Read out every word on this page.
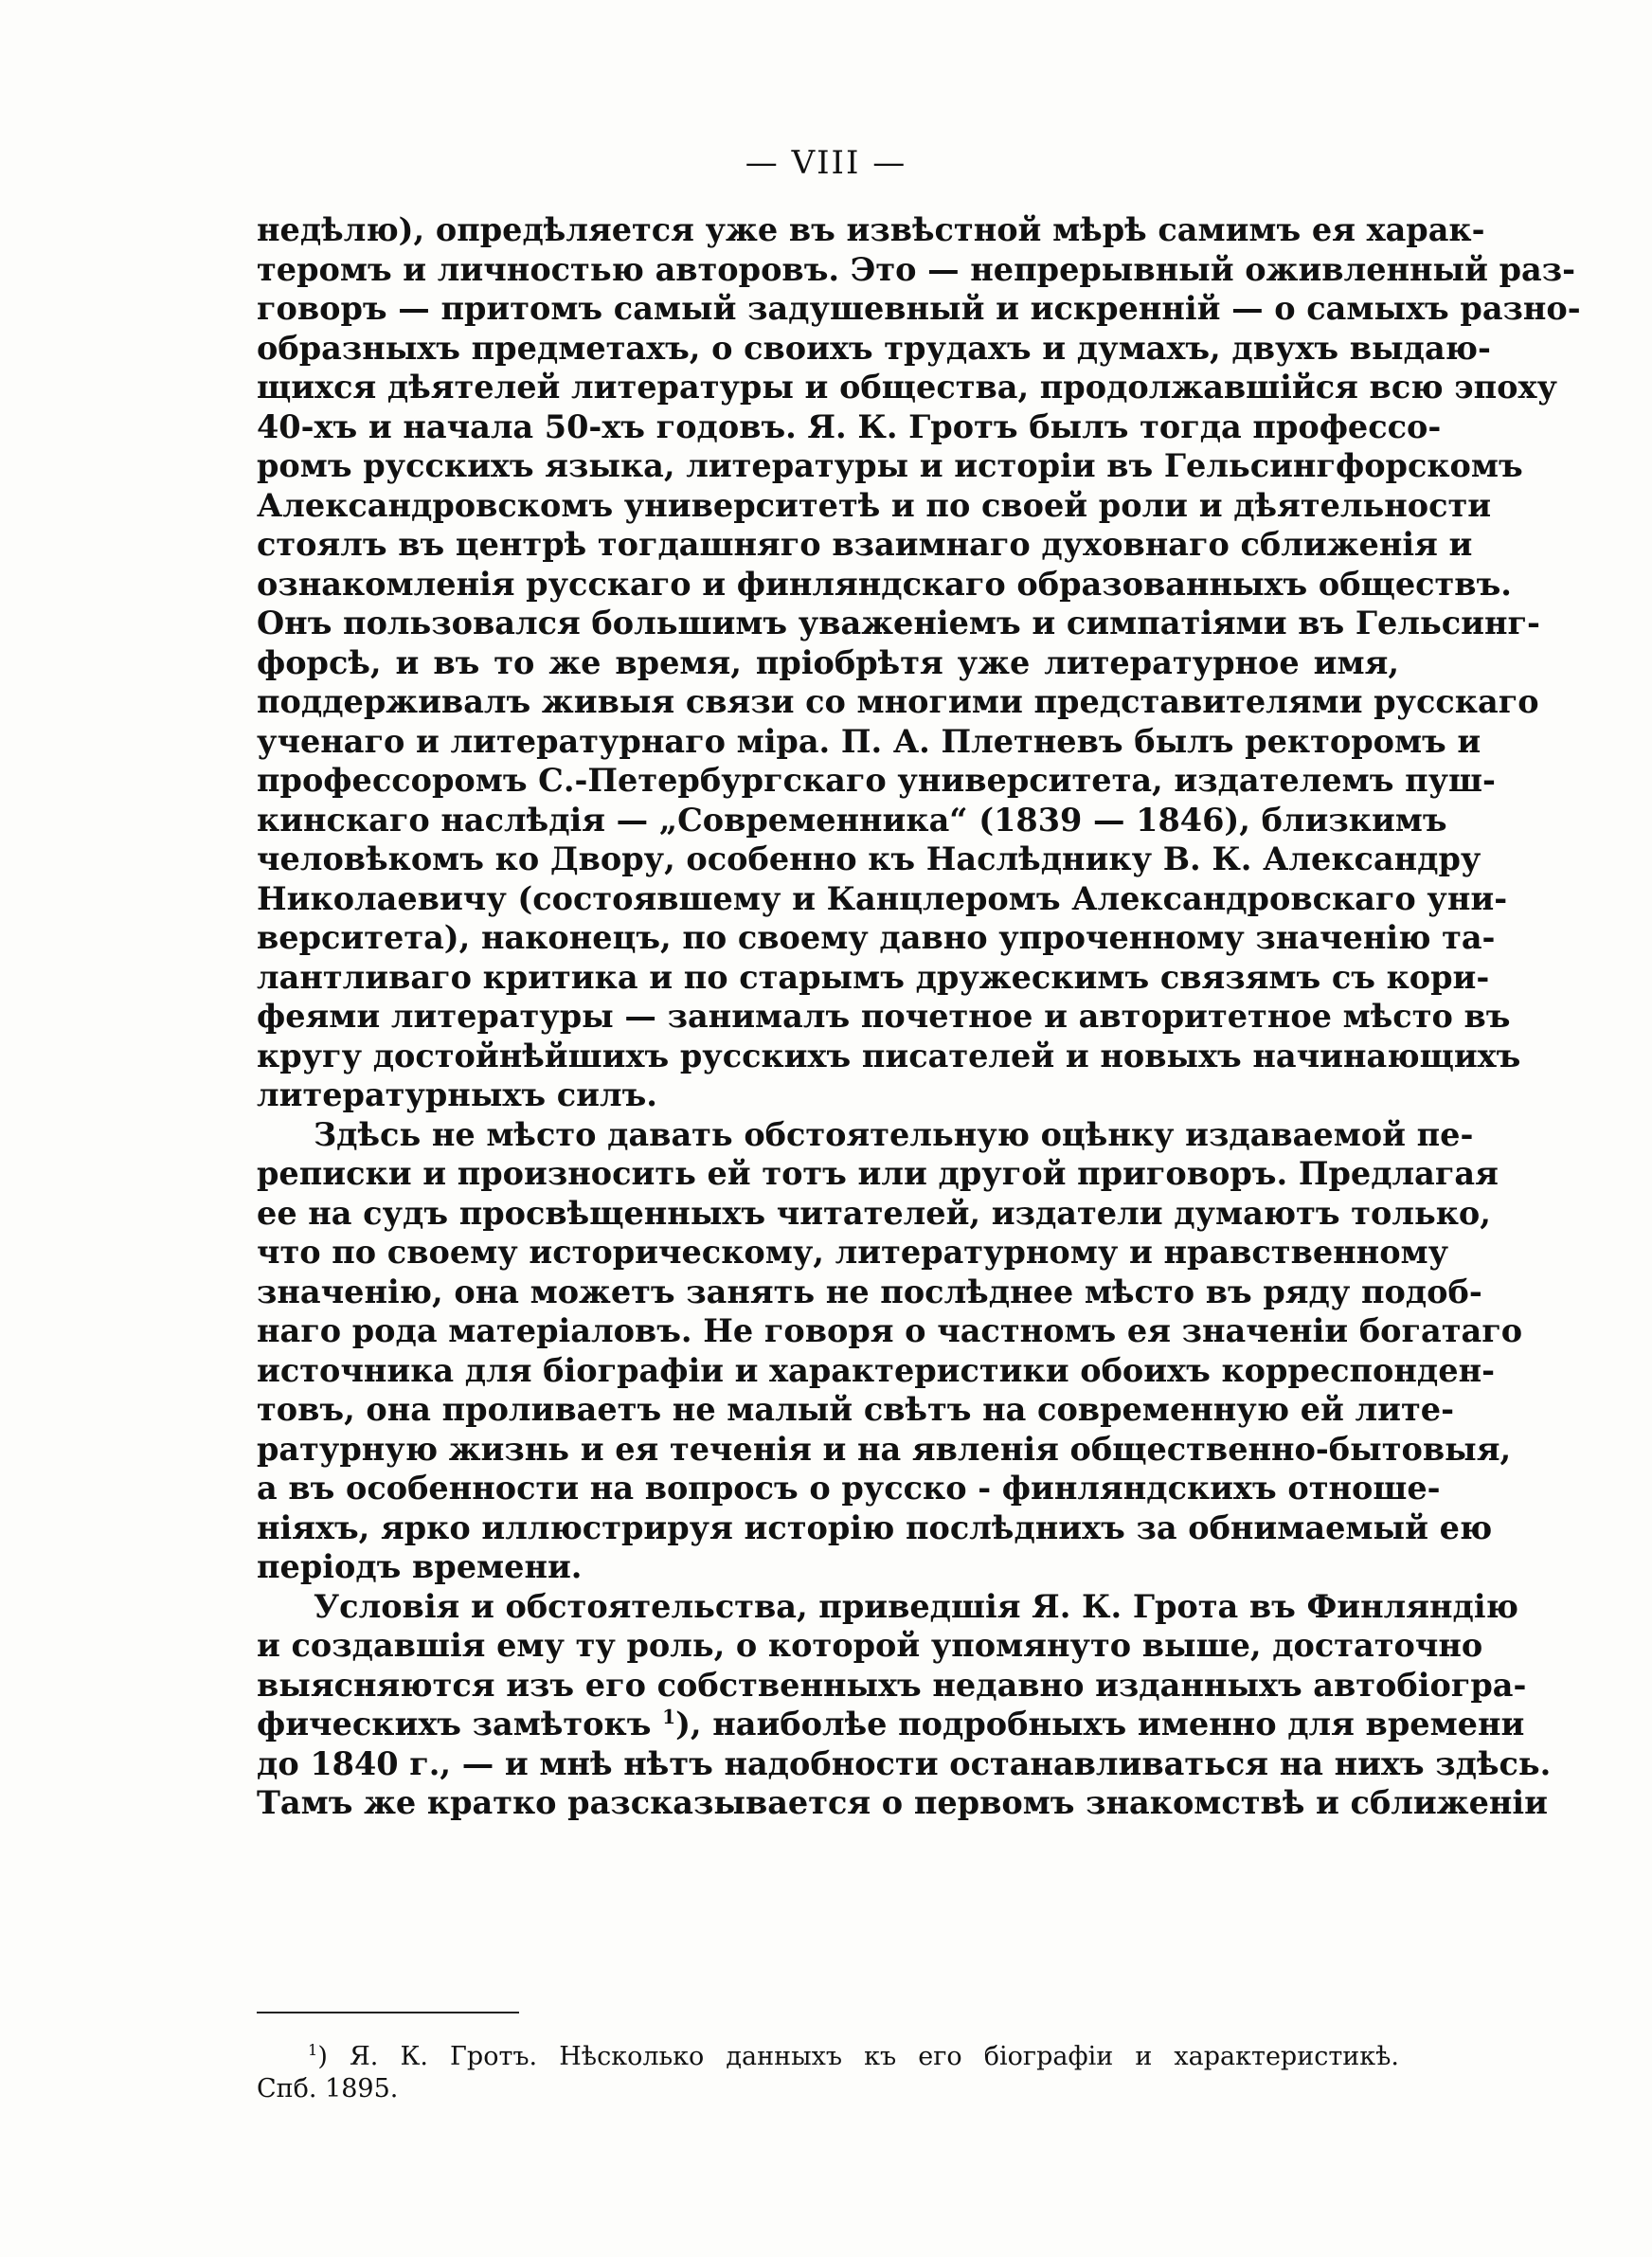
— VIII —
недѣлю), опредѣляется уже въ извѣстной мѣрѣ самимъ ея харак-
теромъ и личностью авторовъ. Это — непрерывный оживленный раз-
говоръ — притомъ самый задушевный и искренній — о самыхъ разно-
образныхъ предметахъ, о своихъ трудахъ и думахъ, двухъ выдаю-
щихся дѣятелей литературы и общества, продолжавшійся всю эпоху
40-хъ и начала 50-хъ годовъ. Я. К. Гротъ былъ тогда профессо-
ромъ русскихъ языка, литературы и исторіи въ Гельсингфорскомъ
Александровскомъ университетѣ и по своей роли и дѣятельности
стоялъ въ центрѣ тогдашняго взаимнаго духовнаго сближенія и
ознакомленія русскаго и финляндскаго образованныхъ обществъ.
Онъ пользовался большимъ уваженіемъ и симпатіями въ Гельсинг-
форсѣ, и въ то же время, пріобрѣтя уже литературное имя,
поддерживалъ живыя связи со многими представителями русскаго
ученаго и литературнаго міра. П. А. Плетневъ былъ ректоромъ и
профессоромъ С.-Петербургскаго университета, издателемъ пуш-
кинскаго наслѣдія — „Современника“ (1839 — 1846), близкимъ
человѣкомъ ко Двору, особенно къ Наслѣднику В. К. Александру
Николаевичу (состоявшему и Канцлеромъ Александровскаго уни-
верситета), наконецъ, по своему давно упроченному значенію та-
лантливаго критика и по старымъ дружескимъ связямъ съ кори-
феями литературы — занималъ почетное и авторитетное мѣсто въ
кругу достойнѣйшихъ русскихъ писателей и новыхъ начинающихъ
литературныхъ силъ.
Здѣсь не мѣсто давать обстоятельную оцѣнку издаваемой пе-
реписки и произносить ей тотъ или другой приговоръ. Предлагая
ее на судъ просвѣщенныхъ читателей, издатели думаютъ только,
что по своему историческому, литературному и нравственному
значенію, она можетъ занять не послѣднее мѣсто въ ряду подоб-
наго рода матеріаловъ. Не говоря о частномъ ея значеніи богатаго
источника для біографіи и характеристики обоихъ корреспонден-
товъ, она проливаетъ не малый свѣтъ на современную ей лите-
ратурную жизнь и ея теченія и на явленія общественно-бытовыя,
а въ особенности на вопросъ о русско - финляндскихъ отноше-
ніяхъ, ярко иллюстрируя исторію послѣднихъ за обнимаемый ею
періодъ времени.
Условія и обстоятельства, приведшія Я. К. Грота въ Финляндію
и создавшія ему ту роль, о которой упомянуто выше, достаточно
выясняются изъ его собственныхъ недавно изданныхъ автобіогра-
фическихъ замѣтокъ $^1$), наиболѣе подробныхъ именно для времени
до 1840 г., — и мнѣ нѣтъ надобности останавливаться на нихъ здѣсь.
Тамъ же кратко разсказывается о первомъ знакомствѣ и сближеніи
$^1$) Я. К. Гротъ. Нѣсколько данныхъ къ его біографіи и характеристикѣ.
Спб. 1895.
